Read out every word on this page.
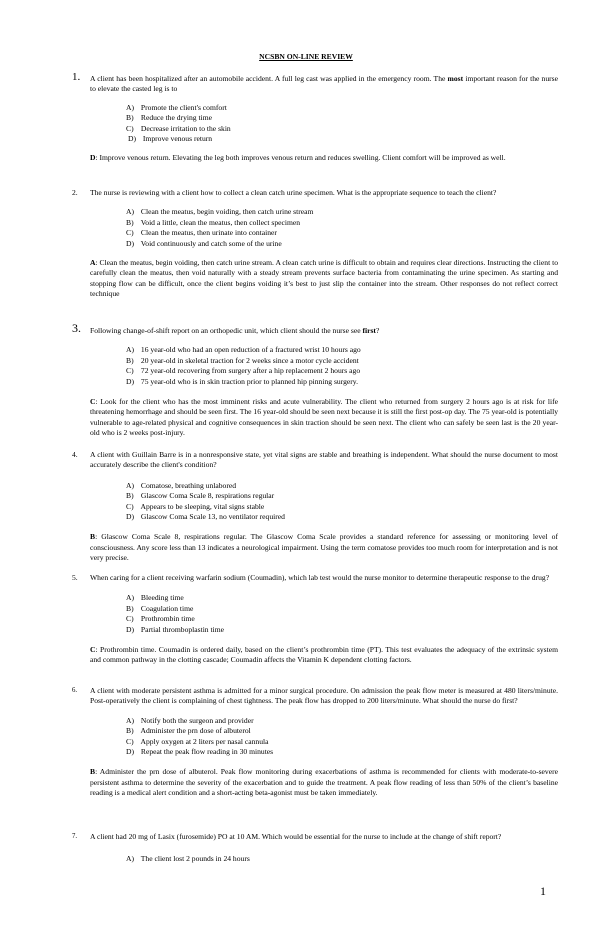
NCSBN ON-LINE REVIEW
1. A client has been hospitalized after an automobile accident. A full leg cast was applied in the emergency room. The most important reason for the nurse to elevate the casted leg is to
A) Promote the client's comfort
B) Reduce the drying time
C) Decrease irritation to the skin
D) Improve venous return
D: Improve venous return. Elevating the leg both improves venous return and reduces swelling. Client comfort will be improved as well.
2. The nurse is reviewing with a client how to collect a clean catch urine specimen. What is the appropriate sequence to teach the client?
A) Clean the meatus, begin voiding, then catch urine stream
B) Void a little, clean the meatus, then collect specimen
C) Clean the meatus, then urinate into container
D) Void continuously and catch some of the urine
A: Clean the meatus, begin voiding, then catch urine stream. A clean catch urine is difficult to obtain and requires clear directions. Instructing the client to carefully clean the meatus, then void naturally with a steady stream prevents surface bacteria from contaminating the urine specimen. As starting and stopping flow can be difficult, once the client begins voiding it’s best to just slip the container into the stream. Other responses do not reflect correct technique
3. Following change-of-shift report on an orthopedic unit, which client should the nurse see first?
A) 16 year-old who had an open reduction of a fractured wrist 10 hours ago
B) 20 year-old in skeletal traction for 2 weeks since a motor cycle accident
C) 72 year-old recovering from surgery after a hip replacement 2 hours ago
D) 75 year-old who is in skin traction prior to planned hip pinning surgery.
C: Look for the client who has the most imminent risks and acute vulnerability. The client who returned from surgery 2 hours ago is at risk for life threatening hemorrhage and should be seen first. The 16 year-old should be seen next because it is still the first post-op day. The 75 year-old is potentially vulnerable to age-related physical and cognitive consequences in skin traction should be seen next. The client who can safely be seen last is the 20 year-old who is 2 weeks post-injury.
4. A client with Guillain Barre is in a nonresponsive state, yet vital signs are stable and breathing is independent. What should the nurse document to most accurately describe the client's condition?
A) Comatose, breathing unlabored
B) Glascow Coma Scale 8, respirations regular
C) Appears to be sleeping, vital signs stable
D) Glascow Coma Scale 13, no ventilator required
B: Glascow Coma Scale 8, respirations regular. The Glascow Coma Scale provides a standard reference for assessing or monitoring level of consciousness. Any score less than 13 indicates a neurological impairment. Using the term comatose provides too much room for interpretation and is not very precise.
5. When caring for a client receiving warfarin sodium (Coumadin), which lab test would the nurse monitor to determine therapeutic response to the drug?
A) Bleeding time
B) Coagulation time
C) Prothrombin time
D) Partial thromboplastin time
C: Prothrombin time. Coumadin is ordered daily, based on the client’s prothrombin time (PT). This test evaluates the adequacy of the extrinsic system and common pathway in the clotting cascade; Coumadin affects the Vitamin K dependent clotting factors.
6. A client with moderate persistent asthma is admitted for a minor surgical procedure. On admission the peak flow meter is measured at 480 liters/minute. Post-operatively the client is complaining of chest tightness. The peak flow has dropped to 200 liters/minute. What should the nurse do first?
A) Notify both the surgeon and provider
B) Administer the prn dose of albuterol
C) Apply oxygen at 2 liters per nasal cannula
D) Repeat the peak flow reading in 30 minutes
B: Administer the prn dose of albuterol. Peak flow monitoring during exacerbations of asthma is recommended for clients with moderate-to-severe persistent asthma to determine the severity of the exacerbation and to guide the treatment. A peak flow reading of less than 50% of the client’s baseline reading is a medical alert condition and a short-acting beta-agonist must be taken immediately.
7. A client had 20 mg of Lasix (furosemide) PO at 10 AM. Which would be essential for the nurse to include at the change of shift report?
A) The client lost 2 pounds in 24 hours
1
